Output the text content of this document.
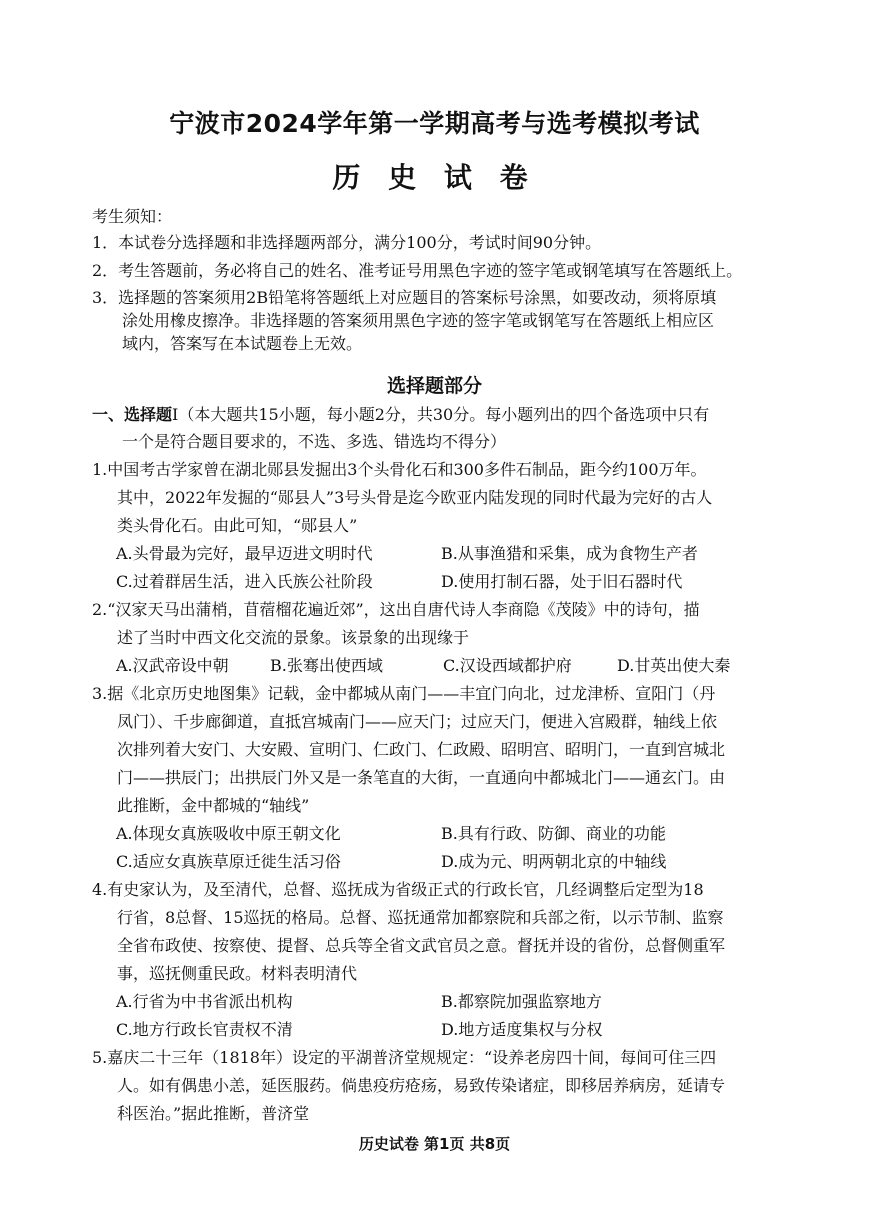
宁波市2024学年第一学期高考与选考模拟考试
历 史 试 卷
考生须知：
1．本试卷分选择题和非选择题两部分，满分100分，考试时间90分钟。
2．考生答题前，务必将自己的姓名、准考证号用黑色字迹的签字笔或钢笔填写在答题纸上。
3．选择题的答案须用2B铅笔将答题纸上对应题目的答案标号涂黑，如要改动，须将原填
涂处用橡皮擦净。非选择题的答案须用黑色字迹的签字笔或钢笔写在答题纸上相应区
域内，答案写在本试题卷上无效。
选择题部分
一、选择题Ⅰ（本大题共15小题，每小题2分，共30分。每小题列出的四个备选项中只有
一个是符合题目要求的，不选、多选、错选均不得分）
1.中国考古学家曾在湖北郧县发掘出3个头骨化石和300多件石制品，距今约100万年。
其中，2022年发掘的“郧县人”3号头骨是迄今欧亚内陆发现的同时代最为完好的古人
类头骨化石。由此可知，“郧县人”
A.头骨最为完好，最早迈进文明时代	B.从事渔猎和采集，成为食物生产者
C.过着群居生活，进入氏族公社阶段	D.使用打制石器，处于旧石器时代
2.“汉家天马出蒲梢，苜蓿榴花遍近郊”，这出自唐代诗人李商隐《茂陵》中的诗句，描
述了当时中西文化交流的景象。该景象的出现缘于
A.汉武帝设中朝	B.张骞出使西域	C.汉设西域都护府	D.甘英出使大秦
3.据《北京历史地图集》记载，金中都城从南门——丰宜门向北，过龙津桥、宣阳门（丹
凤门）、千步廊御道，直抵宫城南门——应天门；过应天门，便进入宫殿群，轴线上依
次排列着大安门、大安殿、宣明门、仁政门、仁政殿、昭明宫、昭明门，一直到宫城北
门——拱辰门；出拱辰门外又是一条笔直的大街，一直通向中都城北门——通玄门。由
此推断，金中都城的“轴线”
A.体现女真族吸收中原王朝文化	B.具有行政、防御、商业的功能
C.适应女真族草原迁徙生活习俗	D.成为元、明两朝北京的中轴线
4.有史家认为，及至清代，总督、巡抚成为省级正式的行政长官，几经调整后定型为18
行省，8总督、15巡抚的格局。总督、巡抚通常加都察院和兵部之衔，以示节制、监察
全省布政使、按察使、提督、总兵等全省文武官员之意。督抚并设的省份，总督侧重军
事，巡抚侧重民政。材料表明清代
A.行省为中书省派出机构	B.都察院加强监察地方
C.地方行政长官责权不清	D.地方适度集权与分权
5.嘉庆二十三年（1818年）设定的平湖普济堂规规定：“设养老房四十间，每间可住三四
人。如有偶患小恙，延医服药。倘患疫疠疮疡，易致传染诸症，即移居养病房，延请专
科医治。”据此推断，普济堂
历史试卷 第1页 共8页
